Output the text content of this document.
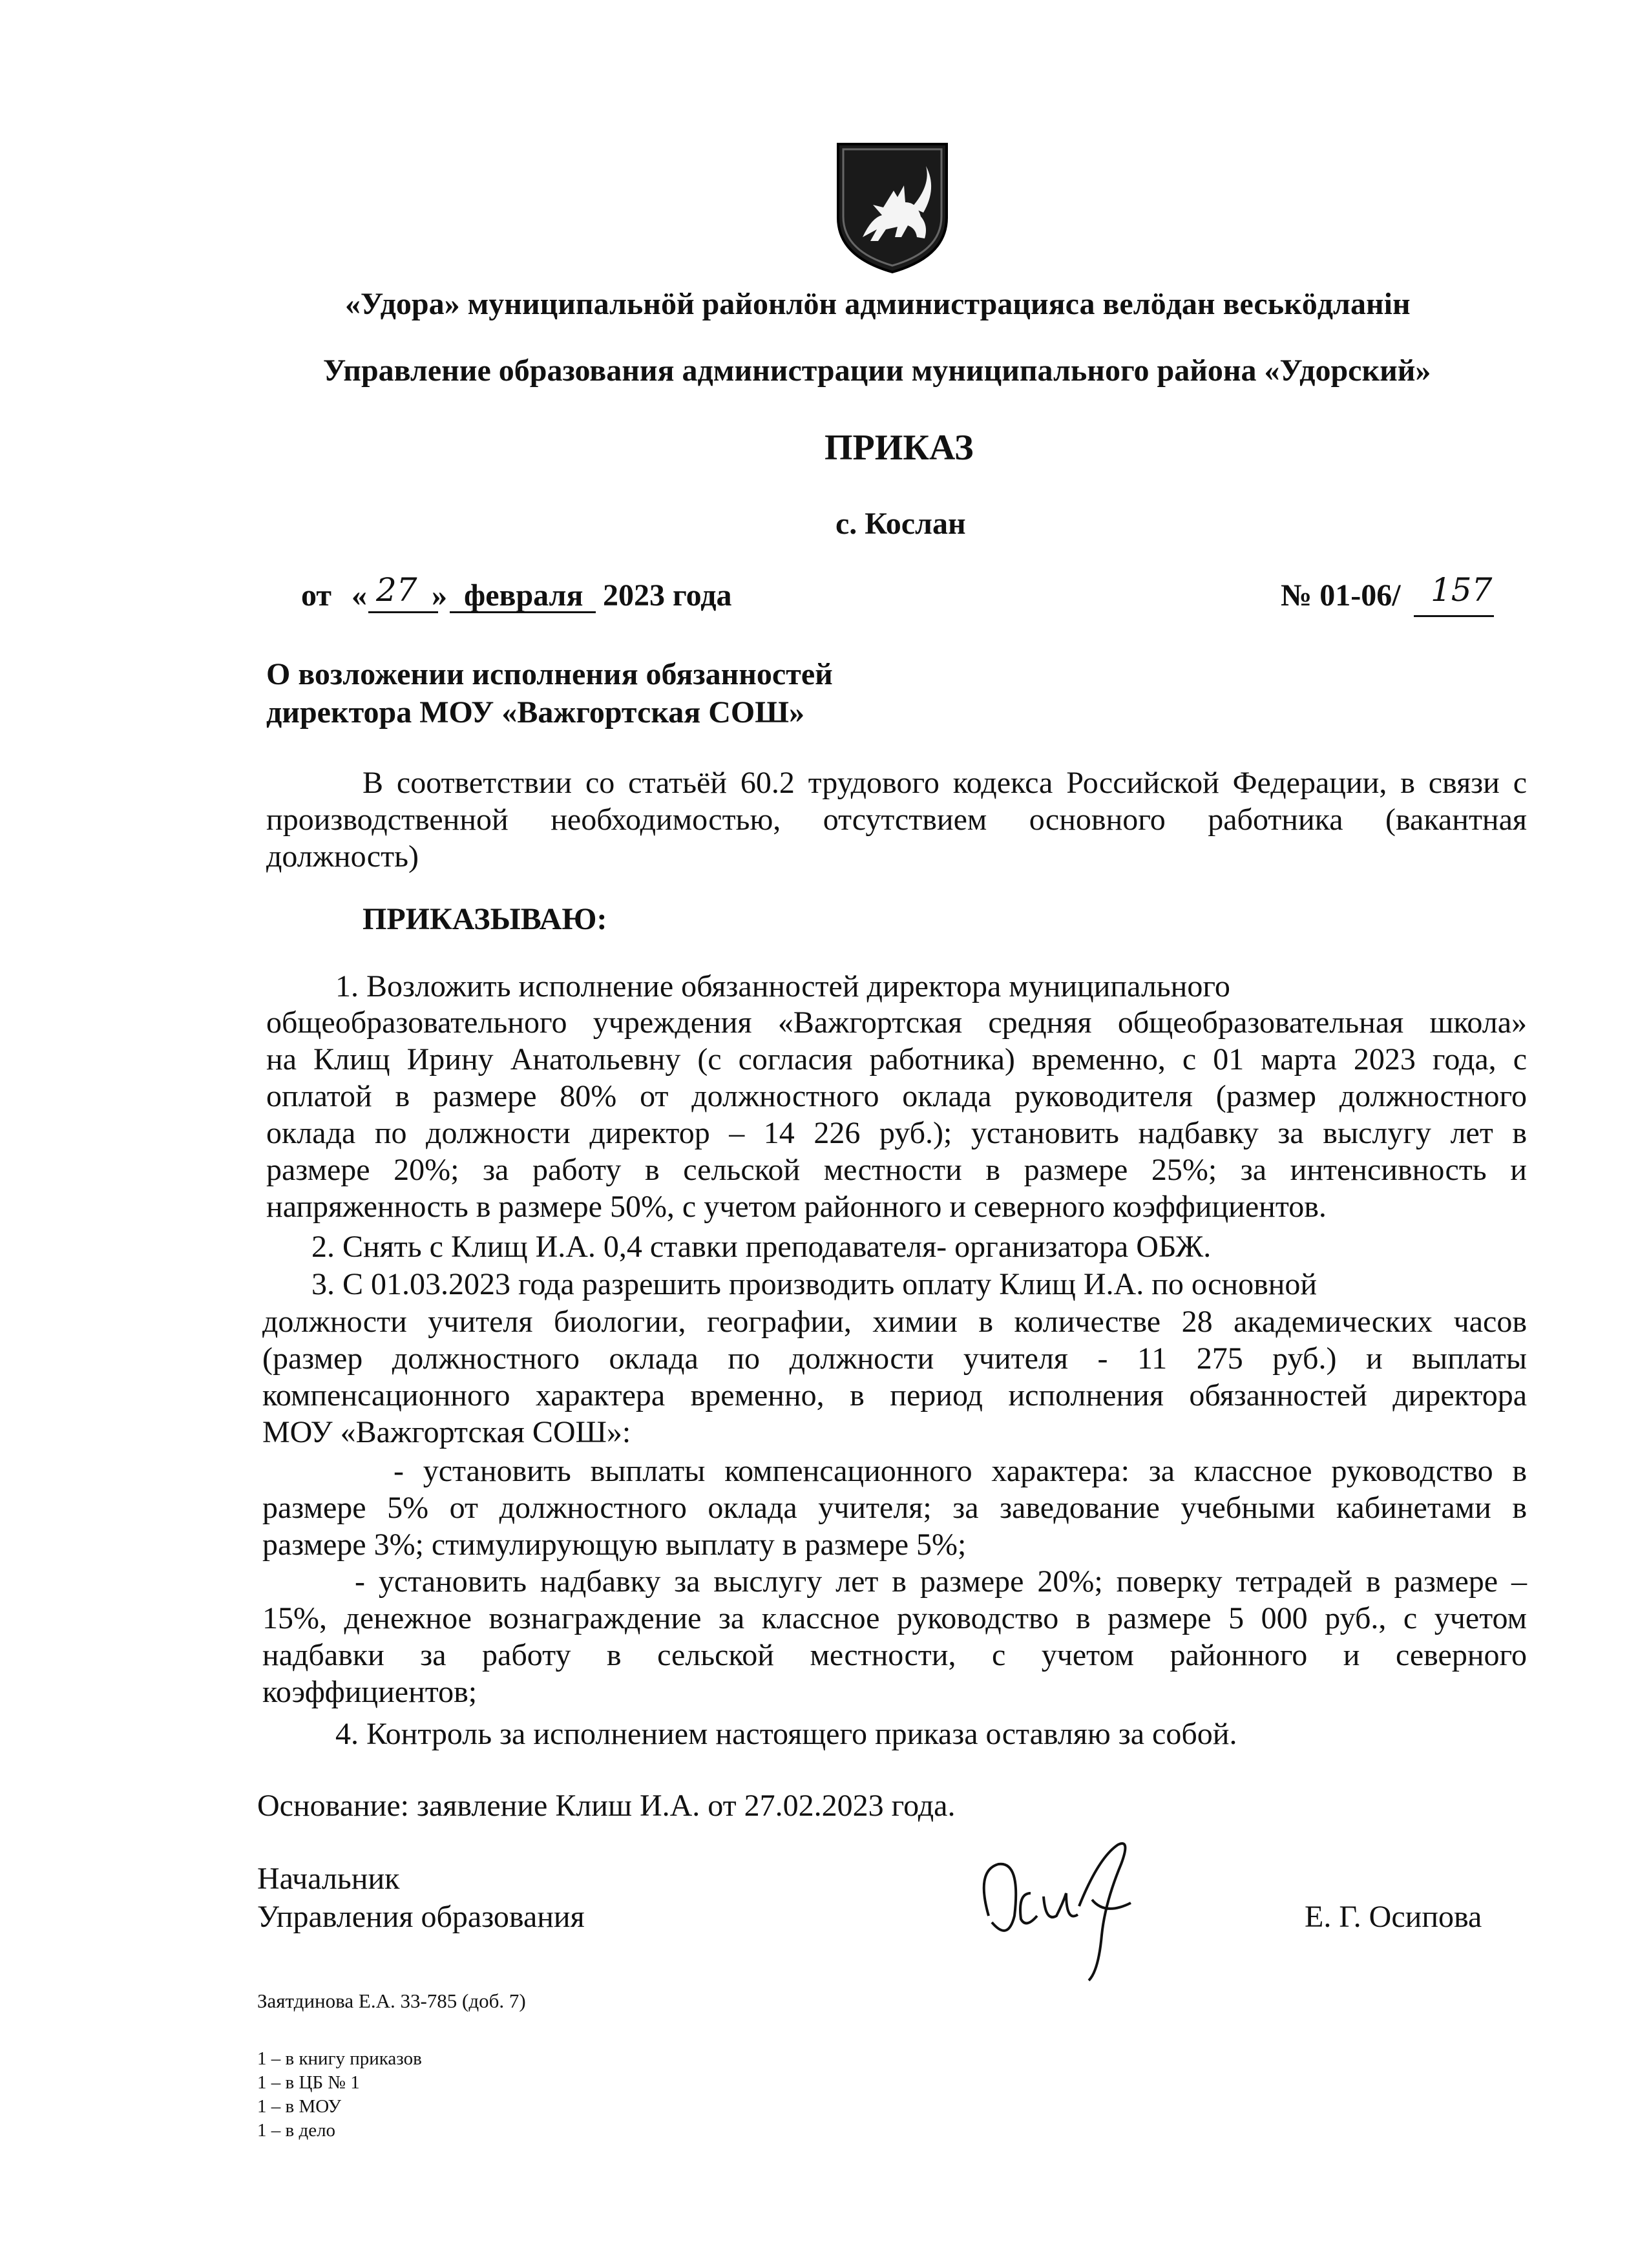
«Удора» муниципальнӧй районлӧн администрацияса велӧдан веськӧдланін
Управление образования администрации муниципального района «Удорский»
ПРИКАЗ
с. Кослан
от « 27 » февраля 2023 года	№ 01-06/ 157
О возложении исполнения обязанностей
директора МОУ «Важгортская СОШ»
В соответствии со статьёй 60.2 трудового кодекса Российской Федерации, в связи с
производственной необходимостью, отсутствием основного работника (вакантная
должность)
ПРИКАЗЫВАЮ:
1. Возложить исполнение обязанностей директора муниципального
общеобразовательного учреждения «Важгортская средняя общеобразовательная школа»
на Клищ Ирину Анатольевну (с согласия работника) временно, с 01 марта 2023 года, с
оплатой в размере 80% от должностного оклада руководителя (размер должностного
оклада по должности директор – 14 226 руб.); установить надбавку за выслугу лет в
размере 20%; за работу в сельской местности в размере 25%; за интенсивность и
напряженность в размере 50%, с учетом районного и северного коэффициентов.
2. Снять с Клищ И.А. 0,4 ставки преподавателя- организатора ОБЖ.
3. С 01.03.2023 года разрешить производить оплату Клищ И.А. по основной
должности учителя биологии, географии, химии в количестве 28 академических часов
(размер должностного оклада по должности учителя - 11 275 руб.) и выплаты
компенсационного характера временно, в период исполнения обязанностей директора
МОУ «Важгортская СОШ»:
- установить выплаты компенсационного характера: за классное руководство в
размере 5% от должностного оклада учителя; за заведование учебными кабинетами в
размере 3%; стимулирующую выплату в размере 5%;
- установить надбавку за выслугу лет в размере 20%; поверку тетрадей в размере –
15%, денежное вознаграждение за классное руководство в размере 5 000 руб., с учетом
надбавки за работу в сельской местности, с учетом районного и северного
коэффициентов;
4. Контроль за исполнением настоящего приказа оставляю за собой.
Основание: заявление Клиш И.А. от 27.02.2023 года.
Начальник
Управления образования	Е. Г. Осипова
Заятдинова Е.А. 33-785 (доб. 7)
1 – в книгу приказов
1 – в ЦБ № 1
1 – в МОУ
1 – в дело
